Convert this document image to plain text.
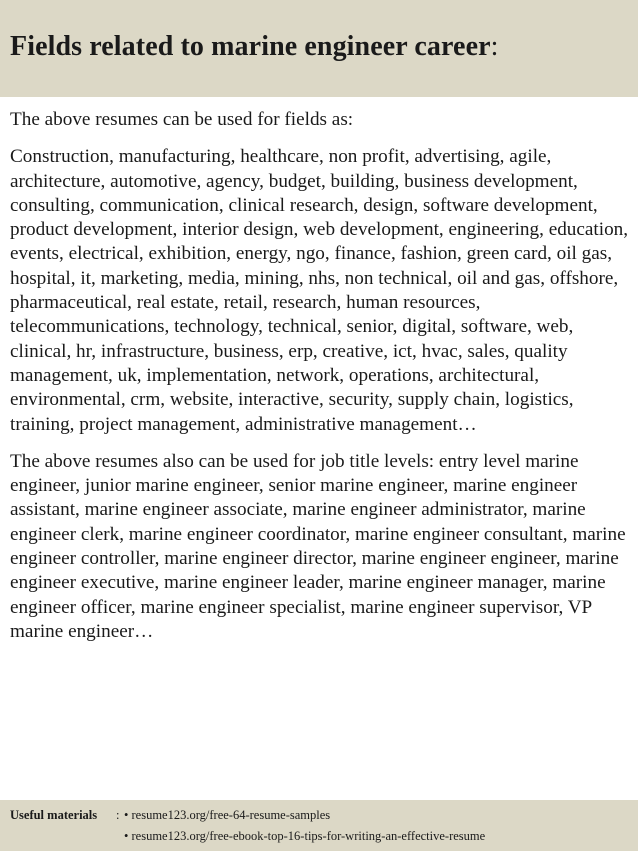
Fields related to marine engineer career:

The above resumes can be used for fields as:

Construction, manufacturing, healthcare, non profit, advertising, agile, architecture, automotive, agency, budget, building, business development, consulting, communication, clinical research, design, software development, product development, interior design, web development, engineering, education, events, electrical, exhibition, energy, ngo, finance, fashion, green card, oil gas, hospital, it, marketing, media, mining, nhs, non technical, oil and gas, offshore, pharmaceutical, real estate, retail, research, human resources, telecommunications, technology, technical, senior, digital, software, web, clinical, hr, infrastructure, business, erp, creative, ict, hvac, sales, quality management, uk, implementation, network, operations, architectural, environmental, crm, website, interactive, security, supply chain, logistics, training, project management, administrative management…

The above resumes also can be used for job title levels: entry level marine engineer, junior marine engineer, senior marine engineer, marine engineer assistant, marine engineer associate, marine engineer administrator, marine engineer clerk, marine engineer coordinator, marine engineer consultant, marine engineer controller, marine engineer director, marine engineer engineer, marine engineer executive, marine engineer leader, marine engineer manager, marine engineer officer, marine engineer specialist, marine engineer supervisor, VP marine engineer…

Useful materials : • resume123.org/free-64-resume-samples
• resume123.org/free-ebook-top-16-tips-for-writing-an-effective-resume
